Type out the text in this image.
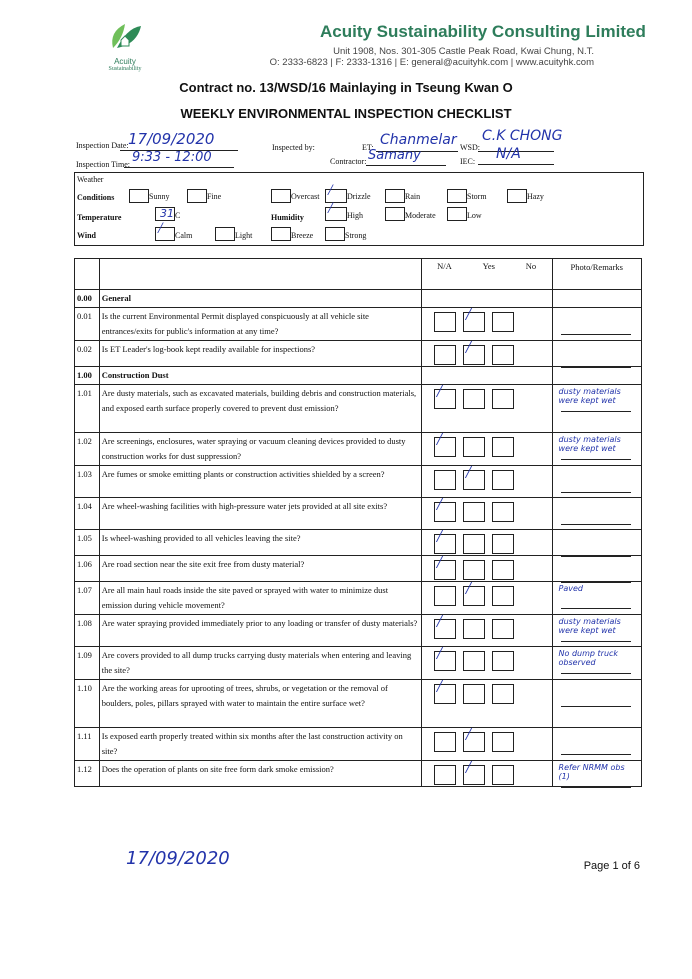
Acuity
Sustainability
Acuity Sustainability Consulting Limited
Unit 1908, Nos. 301-305 Castle Peak Road, Kwai Chung, N.T.
O: 2333-6823 | F: 2333-1316 | E: general@acuityhk.com | www.acuityhk.com
Contract no. 13/WSD/16 Mainlaying in Tseung Kwan O
WEEKLY ENVIRONMENTAL INSPECTION CHECKLIST
Inspection Date: 17/09/2020
Inspection Time: 9:33 - 12:00
Inspected by:	ET: Chanmelar
Contractor: Samany
WSD:
C.K CHONG
IEC: N/A
Weather
Conditions
Temperature
Wind
Sunny	Fine	Overcast / Drizzle	Rain	Storm	Hazy
31 C	Humidity
/ High	Moderate	Low
/ Calm	Light	Breeze	Strong

		N/A Yes No	Photo/Remarks
0.00	General		
0.01	Is the current Environmental Permit displayed conspicuously at all vehicle site entrances/exits for public's information at any time?	/	

0.02	Is ET Leader's log-book kept readily available for inspections?	/	

1.00	Construction Dust		
1.01	Are dusty materials, such as excavated materials, building debris and construction materials, and exposed earth surface properly covered to prevent dust emission?	/	dusty materials were kept wet

1.02	Are screenings, enclosures, water spraying or vacuum cleaning devices provided to dusty construction works for dust suppression?	/	dusty materials were kept wet

1.03	Are fumes or smoke emitting plants or construction activities shielded by a screen?	/	

1.04	Are wheel-washing facilities with high-pressure water jets provided at all site exits?	/	

1.05	Is wheel-washing provided to all vehicles leaving the site?	/	

1.06	Are road section near the site exit free from dusty material?	/	

1.07	Are all main haul roads inside the site paved or sprayed with water to minimize dust emission during vehicle movement?	/	Paved

1.08	Are water spraying provided immediately prior to any loading or transfer of dusty materials?	/	dusty materials were kept wet

1.09	Are covers provided to all dump trucks carrying dusty materials when entering and leaving the site?	/	No dump truck observed

1.10	Are the working areas for uprooting of trees, shrubs, or vegetation or the removal of boulders, poles, pillars sprayed with water to maintain the entire surface wet?	/	

1.11	Is exposed earth properly treated within six months after the last construction activity on site?	/	

1.12	Does the operation of plants on site free form dark smoke emission?	/	Refer NRMM obs (1)
17/09/2020	Page 1 of 6
